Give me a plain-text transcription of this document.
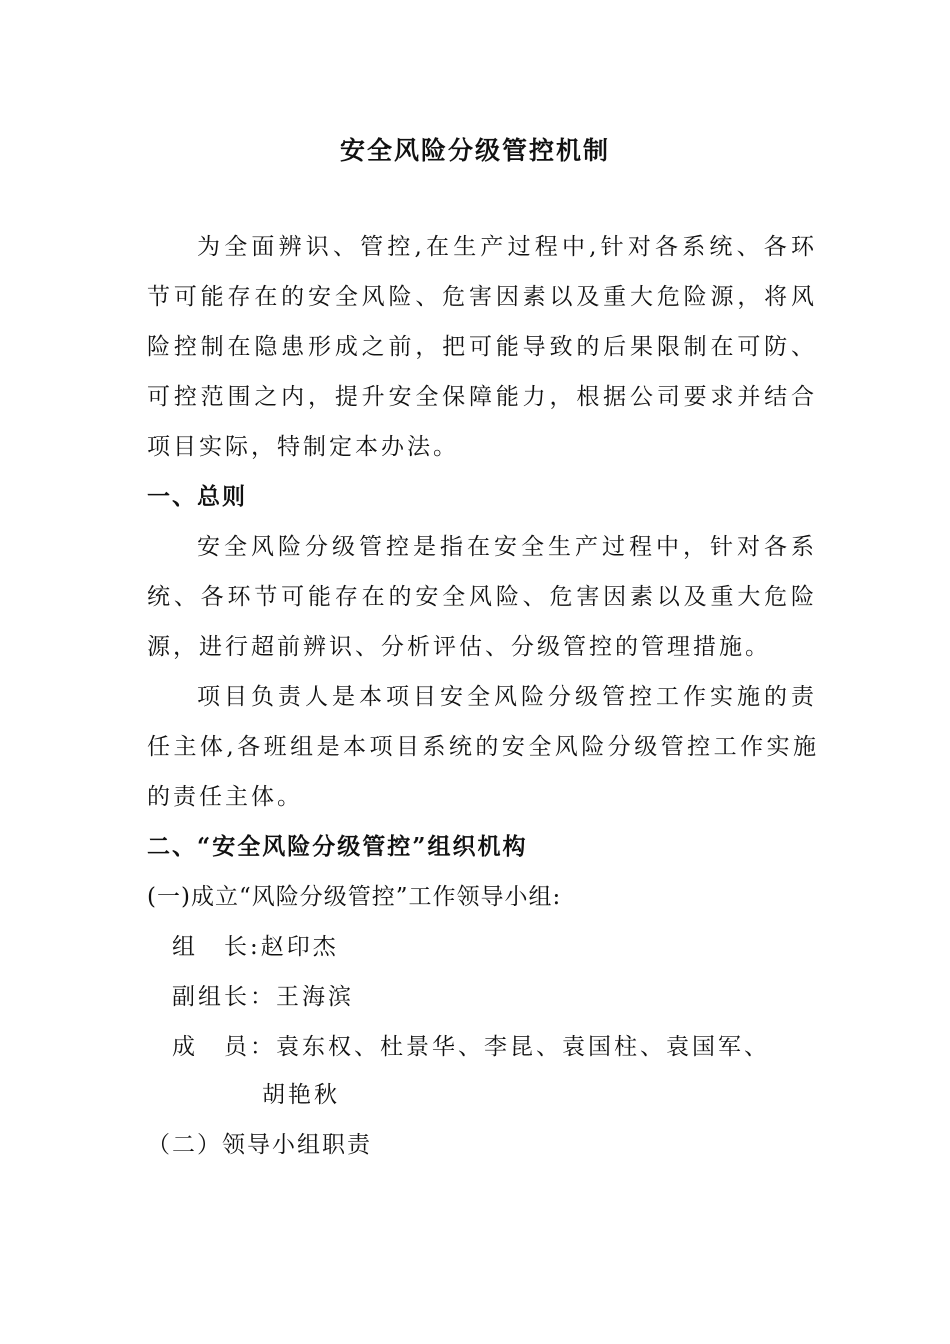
安全风险分级管控机制
为全面辨识、管控,在生产过程中,针对各系统、各环
节可能存在的安全风险、危害因素以及重大危险源，将风
险控制在隐患形成之前，把可能导致的后果限制在可防、
可控范围之内，提升安全保障能力，根据公司要求并结合
项目实际，特制定本办法。
一、总则
安全风险分级管控是指在安全生产过程中，针对各系
统、各环节可能存在的安全风险、危害因素以及重大危险
源，进行超前辨识、分析评估、分级管控的管理措施。
项目负责人是本项目安全风险分级管控工作实施的责
任主体,各班组是本项目系统的安全风险分级管控工作实施
的责任主体。
二、“安全风险分级管控”组织机构
(一)成立“风险分级管控”工作领导小组:
组　长:赵印杰
副组长：王海滨
成　员：袁东权、杜景华、李昆、袁国柱、袁国军、
胡艳秋
（二）领导小组职责
